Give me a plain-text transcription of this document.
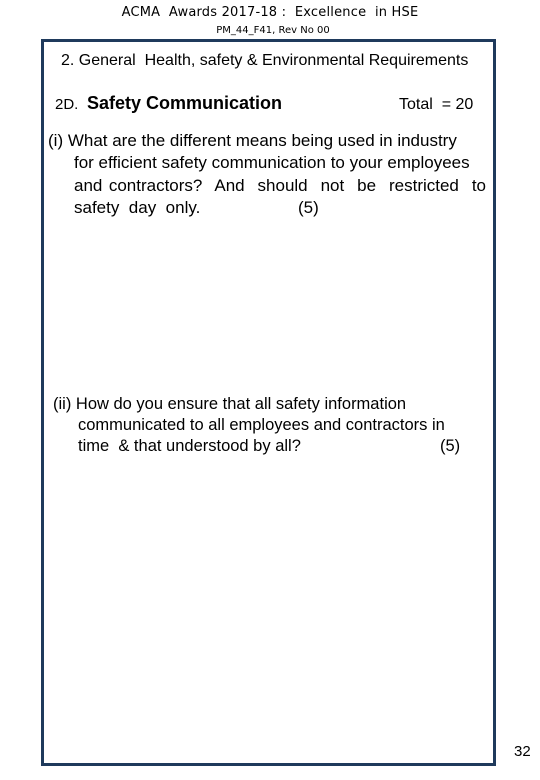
ACMA  Awards 2017-18 :  Excellence  in HSE
PM_44_F41, Rev No 00
2. General  Health, safety & Environmental Requirements
2D. Safety Communication	Total  = 20
(i) What are the different means being used in industry
for efficient safety communication to your employees
and contractors?  And  should  not  be  restricted  to
safety  day  only.	(5)
(ii) How do you ensure that all safety information
communicated to all employees and contractors in
time  & that understood by all?	(5)
32
